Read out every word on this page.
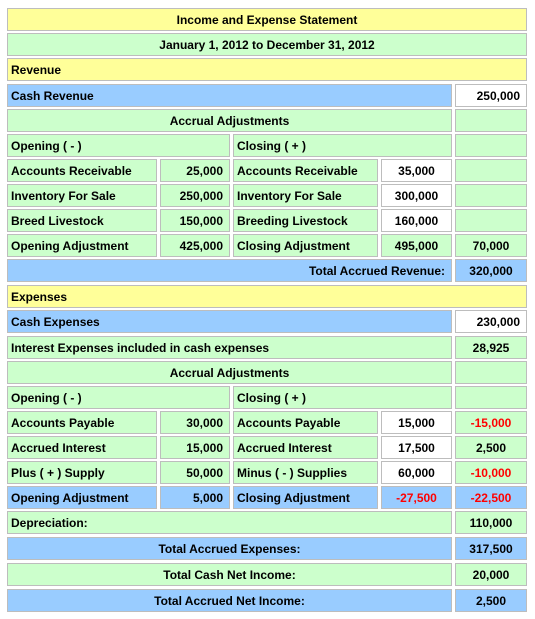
Income and Expense Statement
January 1, 2012 to December 31, 2012
Revenue
Cash Revenue	250,000
Accrual Adjustments
Opening ( - )	Closing ( + )
Accounts Receivable	25,000	Accounts Receivable	35,000
Inventory For Sale	250,000	Inventory For Sale	300,000
Breed Livestock	150,000	Breeding Livestock	160,000
Opening Adjustment	425,000	Closing Adjustment	495,000	70,000
Total Accrued Revenue:	320,000
Expenses
Cash Expenses	230,000
Interest Expenses included in cash expenses	28,925
Accrual Adjustments
Opening ( - )	Closing ( + )
Accounts Payable	30,000	Accounts Payable	15,000	-15,000
Accrued Interest	15,000	Accrued Interest	17,500	2,500
Plus ( + ) Supply	50,000	Minus ( - ) Supplies	60,000	-10,000
Opening Adjustment	5,000	Closing Adjustment	-27,500	-22,500
Depreciation:	110,000
Total Accrued Expenses:	317,500
Total Cash Net Income:	20,000
Total Accrued Net Income:	2,500
